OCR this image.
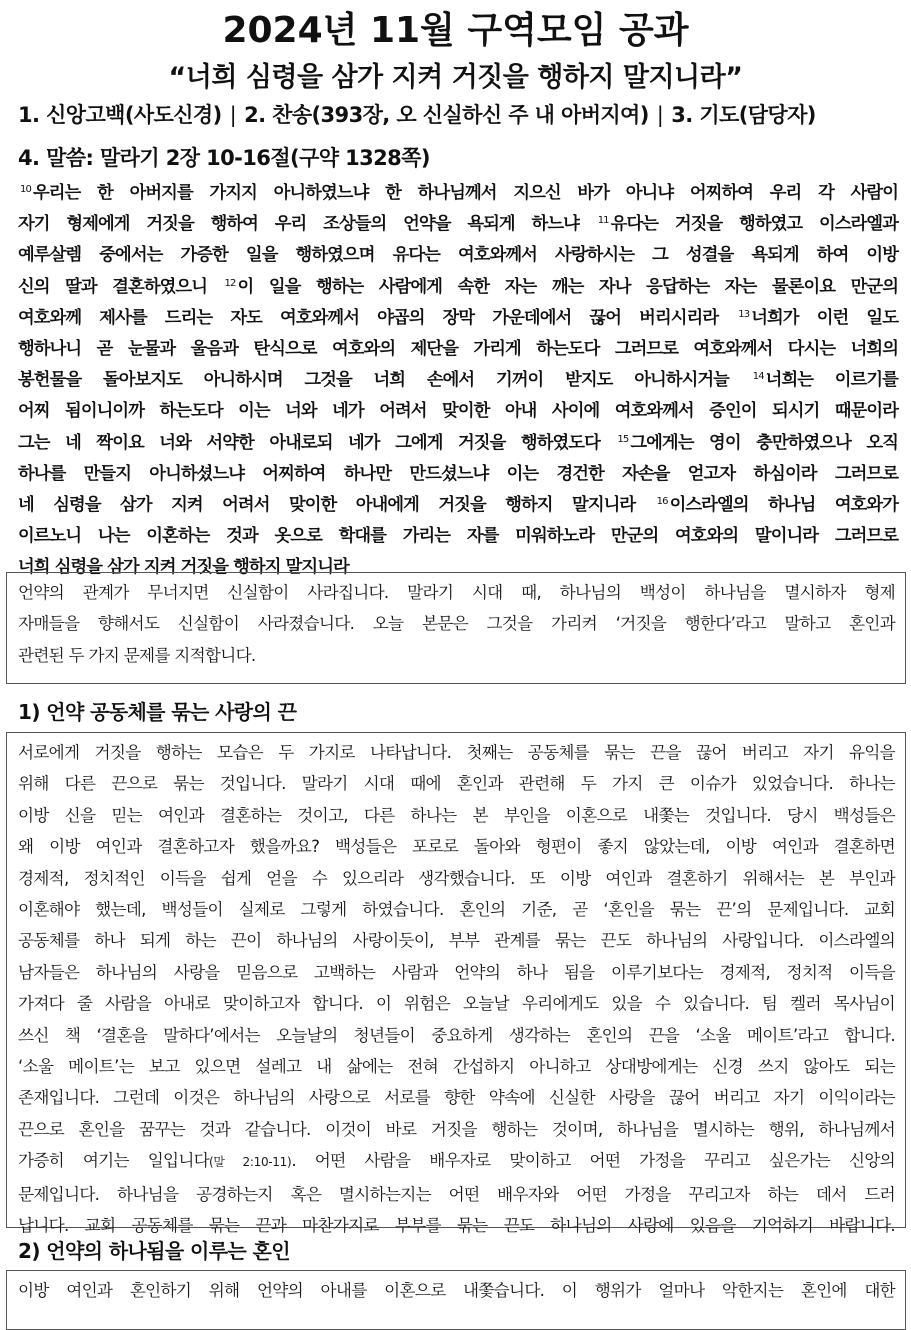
2024년 11월 구역모임 공과
“너희 심령을 삼가 지켜 거짓을 행하지 말지니라”
1. 신앙고백(사도신경) | 2. 찬송(393장, 오 신실하신 주 내 아버지여) | 3. 기도(담당자)
4. 말씀: 말라기 2장 10-16절(구약 1328쪽)
$^{10}$ 우리는 한 아버지를 가지지 아니하였느냐 한 하나님께서 지으신 바가 아니냐 어찌하여 우리 각 사람이
자기 형제에게 거짓을 행하여 우리 조상들의 언약을 욕되게 하느냐 $^{11}$ 유다는 거짓을 행하였고 이스라엘과
예루살렘 중에서는 가증한 일을 행하였으며 유다는 여호와께서 사랑하시는 그 성결을 욕되게 하여 이방
신의 딸과 결혼하였으니 $^{12}$ 이 일을 행하는 사람에게 속한 자는 깨는 자나 응답하는 자는 물론이요 만군의
여호와께 제사를 드리는 자도 여호와께서 야곱의 장막 가운데에서 끊어 버리시리라 $^{13}$ 너희가 이런 일도
행하나니 곧 눈물과 울음과 탄식으로 여호와의 제단을 가리게 하는도다 그러므로 여호와께서 다시는 너희의
봉헌물을 돌아보지도 아니하시며 그것을 너희 손에서 기꺼이 받지도 아니하시거늘 $^{14}$ 너희는 이르기를
어찌 됨이니이까 하는도다 이는 너와 네가 어려서 맞이한 아내 사이에 여호와께서 증인이 되시기 때문이라
그는 네 짝이요 너와 서약한 아내로되 네가 그에게 거짓을 행하였도다 $^{15}$ 그에게는 영이 충만하였으나 오직
하나를 만들지 아니하셨느냐 어찌하여 하나만 만드셨느냐 이는 경건한 자손을 얻고자 하심이라 그러므로
네 심령을 삼가 지켜 어려서 맞이한 아내에게 거짓을 행하지 말지니라 $^{16}$ 이스라엘의 하나님 여호와가
이르노니 나는 이혼하는 것과 옷으로 학대를 가리는 자를 미워하노라 만군의 여호와의 말이니라 그러므로
너희 심령을 삼가 지켜 거짓을 행하지 말지니라
언약의 관계가 무너지면 신실함이 사라집니다. 말라기 시대 때, 하나님의 백성이 하나님을 멸시하자 형제
자매들을 향해서도 신실함이 사라졌습니다. 오늘 본문은 그것을 가리켜 ‘거짓을 행한다’라고 말하고 혼인과
관련된 두 가지 문제를 지적합니다.
1) 언약 공동체를 묶는 사랑의 끈
서로에게 거짓을 행하는 모습은 두 가지로 나타납니다. 첫째는 공동체를 묶는 끈을 끊어 버리고 자기 유익을
위해 다른 끈으로 묶는 것입니다. 말라기 시대 때에 혼인과 관련해 두 가지 큰 이슈가 있었습니다. 하나는
이방 신을 믿는 여인과 결혼하는 것이고, 다른 하나는 본 부인을 이혼으로 내쫓는 것입니다. 당시 백성들은
왜 이방 여인과 결혼하고자 했을까요? 백성들은 포로로 돌아와 형편이 좋지 않았는데, 이방 여인과 결혼하면
경제적, 정치적인 이득을 쉽게 얻을 수 있으리라 생각했습니다. 또 이방 여인과 결혼하기 위해서는 본 부인과
이혼해야 했는데, 백성들이 실제로 그렇게 하였습니다. 혼인의 기준, 곧 ‘혼인을 묶는 끈’의 문제입니다. 교회
공동체를 하나 되게 하는 끈이 하나님의 사랑이듯이, 부부 관계를 묶는 끈도 하나님의 사랑입니다. 이스라엘의
남자들은 하나님의 사랑을 믿음으로 고백하는 사람과 언약의 하나 됨을 이루기보다는 경제적, 정치적 이득을
가져다 줄 사람을 아내로 맞이하고자 합니다. 이 위험은 오늘날 우리에게도 있을 수 있습니다. 팀 켈러 목사님이
쓰신 책 ‘결혼을 말하다’에서는 오늘날의 청년들이 중요하게 생각하는 혼인의 끈을 ‘소울 메이트’라고 합니다.
‘소울 메이트’는 보고 있으면 설레고 내 삶에는 전혀 간섭하지 아니하고 상대방에게는 신경 쓰지 않아도 되는
존재입니다. 그런데 이것은 하나님의 사랑으로 서로를 향한 약속에 신실한 사랑을 끊어 버리고 자기 이익이라는
끈으로 혼인을 꿈꾸는 것과 같습니다. 이것이 바로 거짓을 행하는 것이며, 하나님을 멸시하는 행위, 하나님께서
가증히 여기는 일입니다(말 2:10-11). 어떤 사람을 배우자로 맞이하고 어떤 가정을 꾸리고 싶은가는 신앙의
문제입니다. 하나님을 공경하는지 혹은 멸시하는지는 어떤 배우자와 어떤 가정을 꾸리고자 하는 데서 드러
납니다. 교회 공동체를 묶는 끈과 마찬가지로 부부를 묶는 끈도 하나님의 사랑에 있음을 기억하기 바랍니다.
2) 언약의 하나됨을 이루는 혼인
이방 여인과 혼인하기 위해 언약의 아내를 이혼으로 내쫓습니다. 이 행위가 얼마나 악한지는 혼인에 대한
